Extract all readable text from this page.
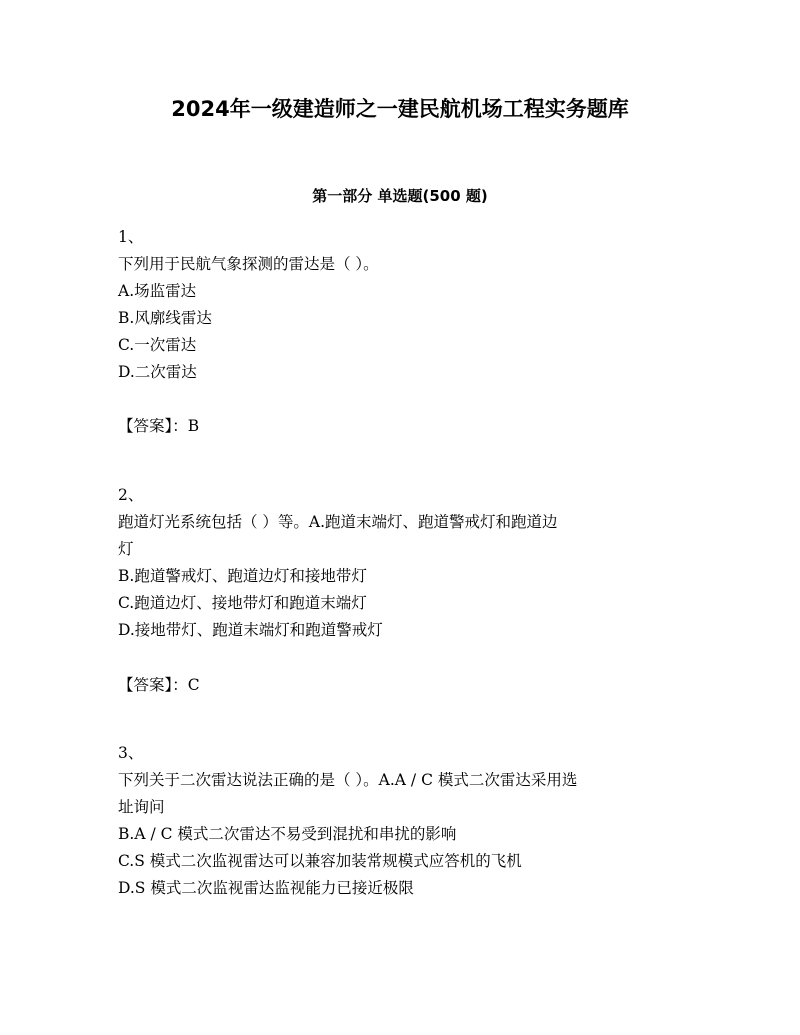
2024年一级建造师之一建民航机场工程实务题库
第一部分 单选题(500 题)
1、
下列用于民航气象探测的雷达是（ ）。
A.场监雷达
B.风廓线雷达
C.一次雷达
D.二次雷达
【答案】：B
2、
跑道灯光系统包括（ ）等。A.跑道末端灯、跑道警戒灯和跑道边
灯
B.跑道警戒灯、跑道边灯和接地带灯
C.跑道边灯、接地带灯和跑道末端灯
D.接地带灯、跑道末端灯和跑道警戒灯
【答案】：C
3、
下列关于二次雷达说法正确的是（ ）。A.A / C 模式二次雷达采用选
址询问
B.A / C 模式二次雷达不易受到混扰和串扰的影响
C.S 模式二次监视雷达可以兼容加装常规模式应答机的飞机
D.S 模式二次监视雷达监视能力已接近极限
